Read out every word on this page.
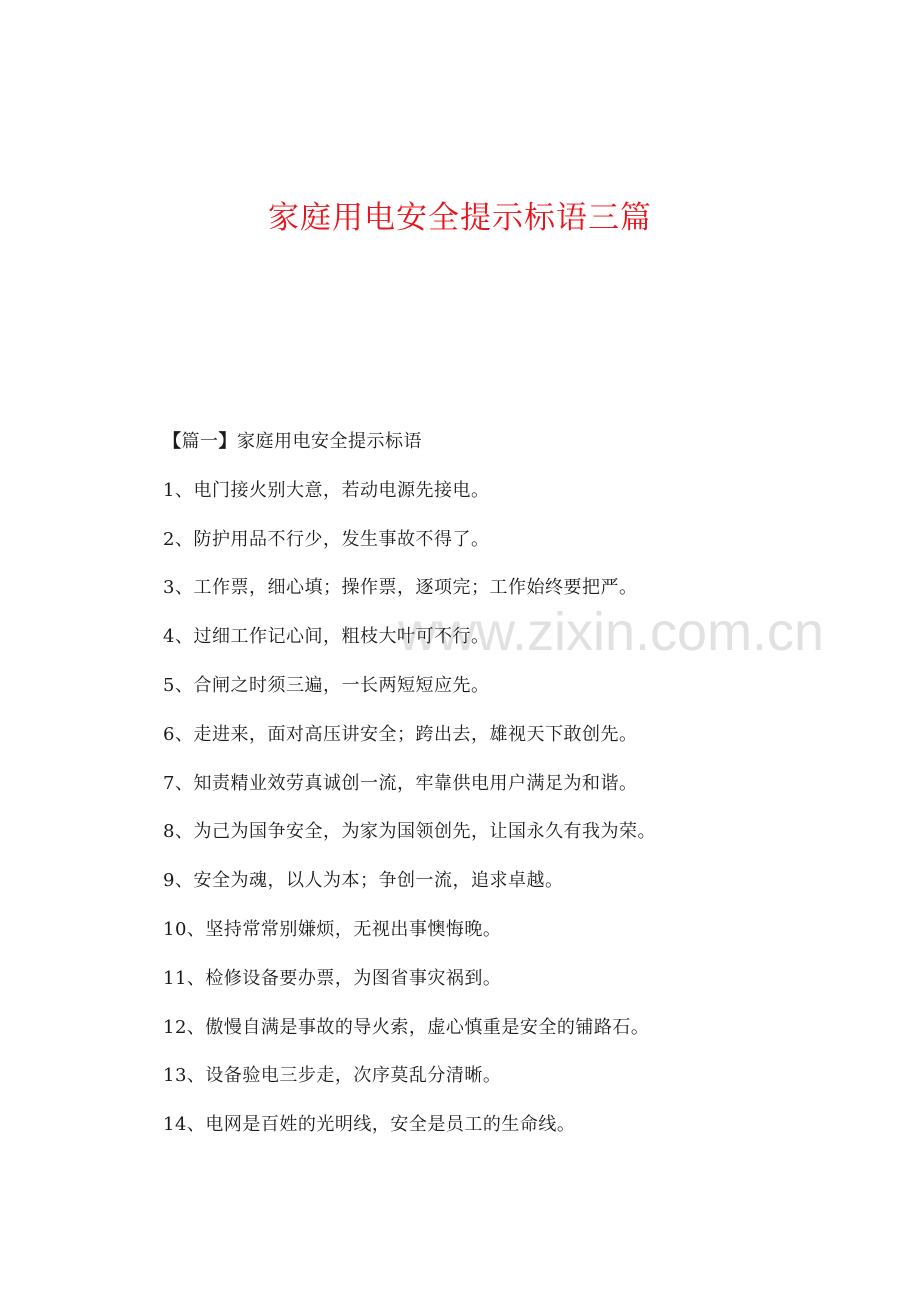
家庭用电安全提示标语三篇
www.zixin.com.cn
【篇一】家庭用电安全提示标语
1、电门接火别大意，若动电源先接电。
2、防护用品不行少，发生事故不得了。
3、工作票，细心填；操作票，逐项完；工作始终要把严。
4、过细工作记心间，粗枝大叶可不行。
5、合闸之时须三遍，一长两短短应先。
6、走进来，面对高压讲安全；跨出去，雄视天下敢创先。
7、知责精业效劳真诚创一流，牢靠供电用户满足为和谐。
8、为己为国争安全，为家为国领创先，让国永久有我为荣。
9、安全为魂，以人为本；争创一流，追求卓越。
10、坚持常常别嫌烦，无视出事懊悔晚。
11、检修设备要办票，为图省事灾祸到。
12、傲慢自满是事故的导火索，虚心慎重是安全的铺路石。
13、设备验电三步走，次序莫乱分清晰。
14、电网是百姓的光明线，安全是员工的生命线。
